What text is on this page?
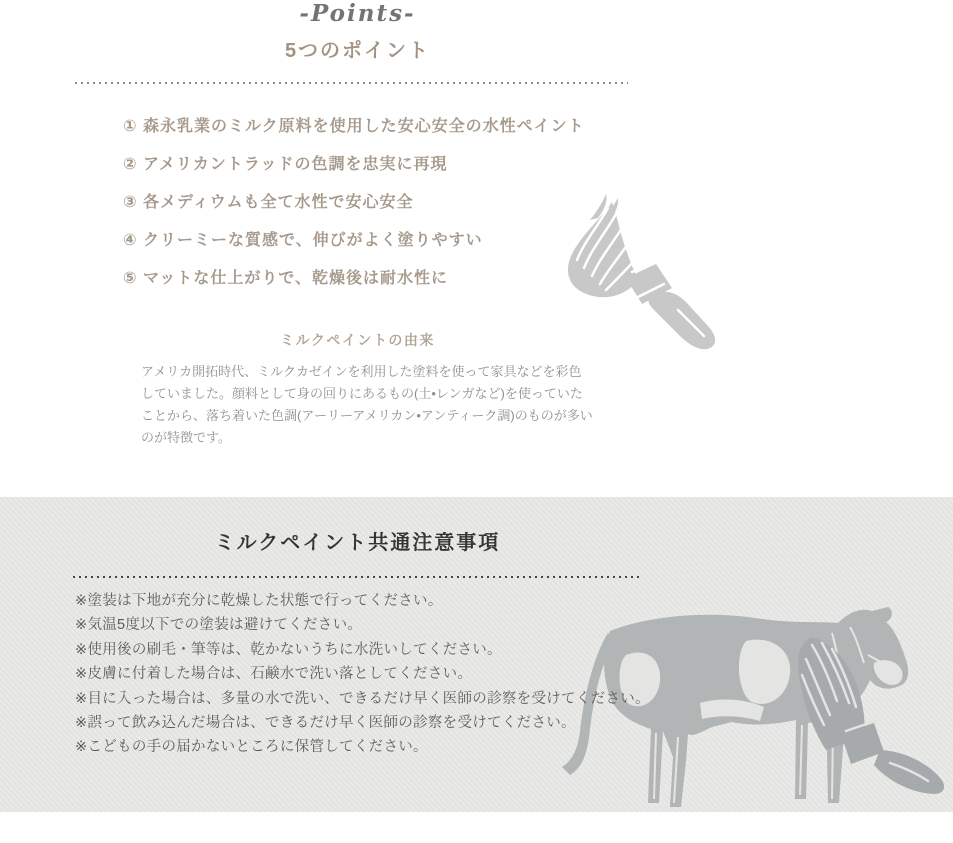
-Points-
5つのポイント
① 森永乳業のミルク原料を使用した安心安全の水性ペイント
② アメリカントラッドの色調を忠実に再現
③ 各メディウムも全て水性で安心安全
④ クリーミーな質感で、伸びがよく塗りやすい
⑤ マットな仕上がりで、乾燥後は耐水性に
ミルクペイントの由来

アメリカ開拓時代、ミルクカゼインを利用した塗料を使って家具などを彩色していました。顔料として身の回りにあるもの(土•レンガなど)を使っていたことから、落ち着いた色調(アーリーアメリカン•アンティーク調)のものが多いのが特徴です。

ミルクペイント共通注意事項
※塗装は下地が充分に乾燥した状態で行ってください。
※気温5度以下での塗装は避けてください。
※使用後の刷毛・筆等は、乾かないうちに水洗いしてください。
※皮膚に付着した場合は、石鹸水で洗い落としてください。
※目に入った場合は、多量の水で洗い、できるだけ早く医師の診察を受けてください。
※誤って飲み込んだ場合は、できるだけ早く医師の診察を受けてください。
※こどもの手の届かないところに保管してください。
